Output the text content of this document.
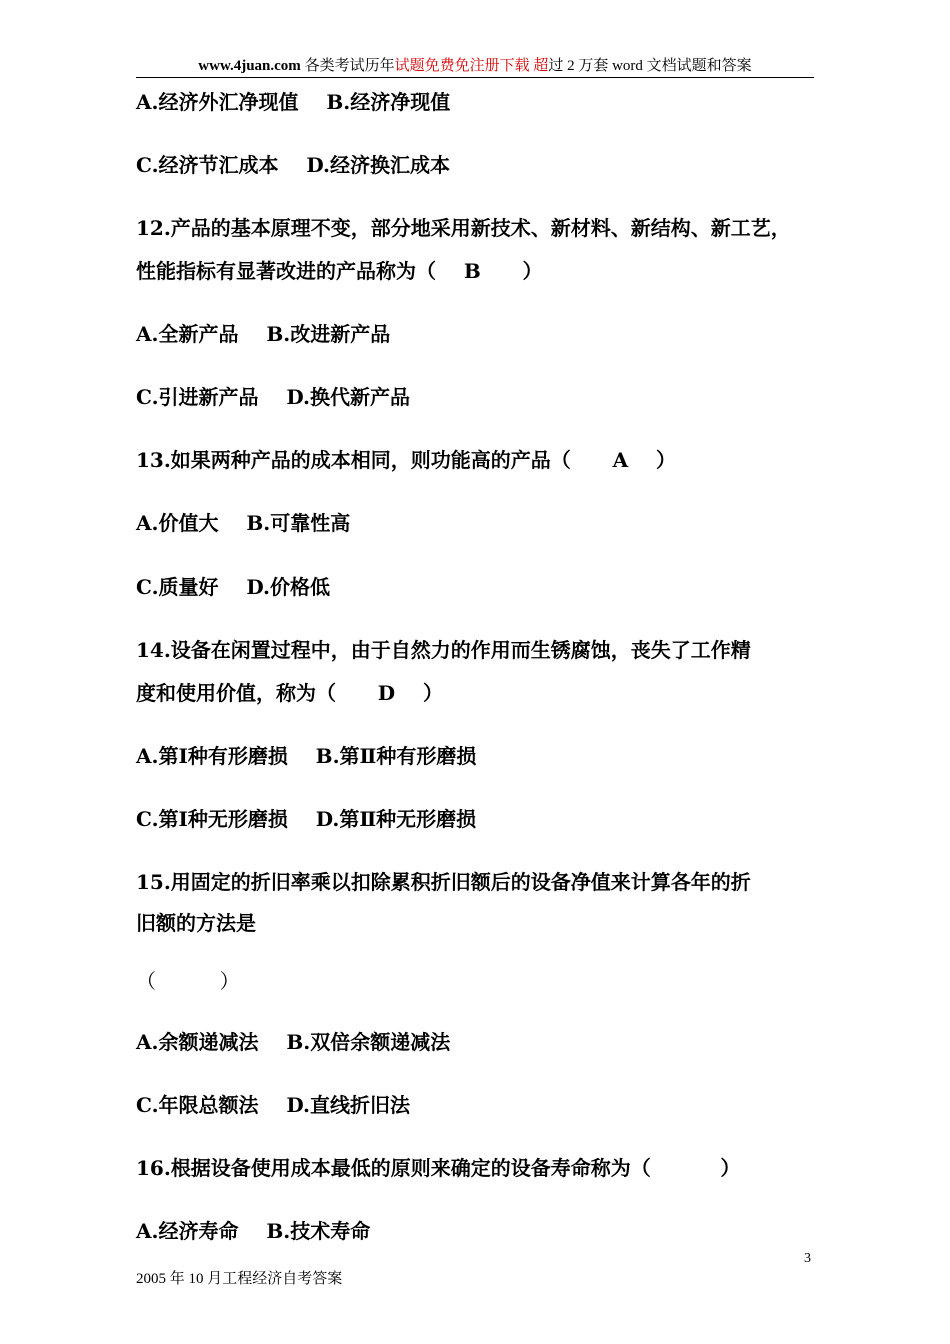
www.4juan.com 各类考试历年试题免费免注册下载 超过 2 万套 word 文档试题和答案
A.经济外汇净现值    B.经济净现值
C.经济节汇成本    D.经济换汇成本
12.产品的基本原理不变，部分地采用新技术、新材料、新结构、新工艺，
性能指标有显著改进的产品称为（    B      ）
A.全新产品    B.改进新产品
C.引进新产品    D.换代新产品
13.如果两种产品的成本相同，则功能高的产品（      A    ）
A.价值大    B.可靠性高
C.质量好    D.价格低
14.设备在闲置过程中，由于自然力的作用而生锈腐蚀，丧失了工作精
度和使用价值，称为（      D    ）
A.第Ⅰ种有形磨损    B.第Ⅱ种有形磨损
C.第Ⅰ种无形磨损    D.第Ⅱ种无形磨损
15.用固定的折旧率乘以扣除累积折旧额后的设备净值来计算各年的折
旧额的方法是
（          ）
A.余额递减法    B.双倍余额递减法
C.年限总额法    D.直线折旧法
16.根据设备使用成本最低的原则来确定的设备寿命称为（          ）
A.经济寿命    B.技术寿命
3
2005 年 10 月工程经济自考答案
